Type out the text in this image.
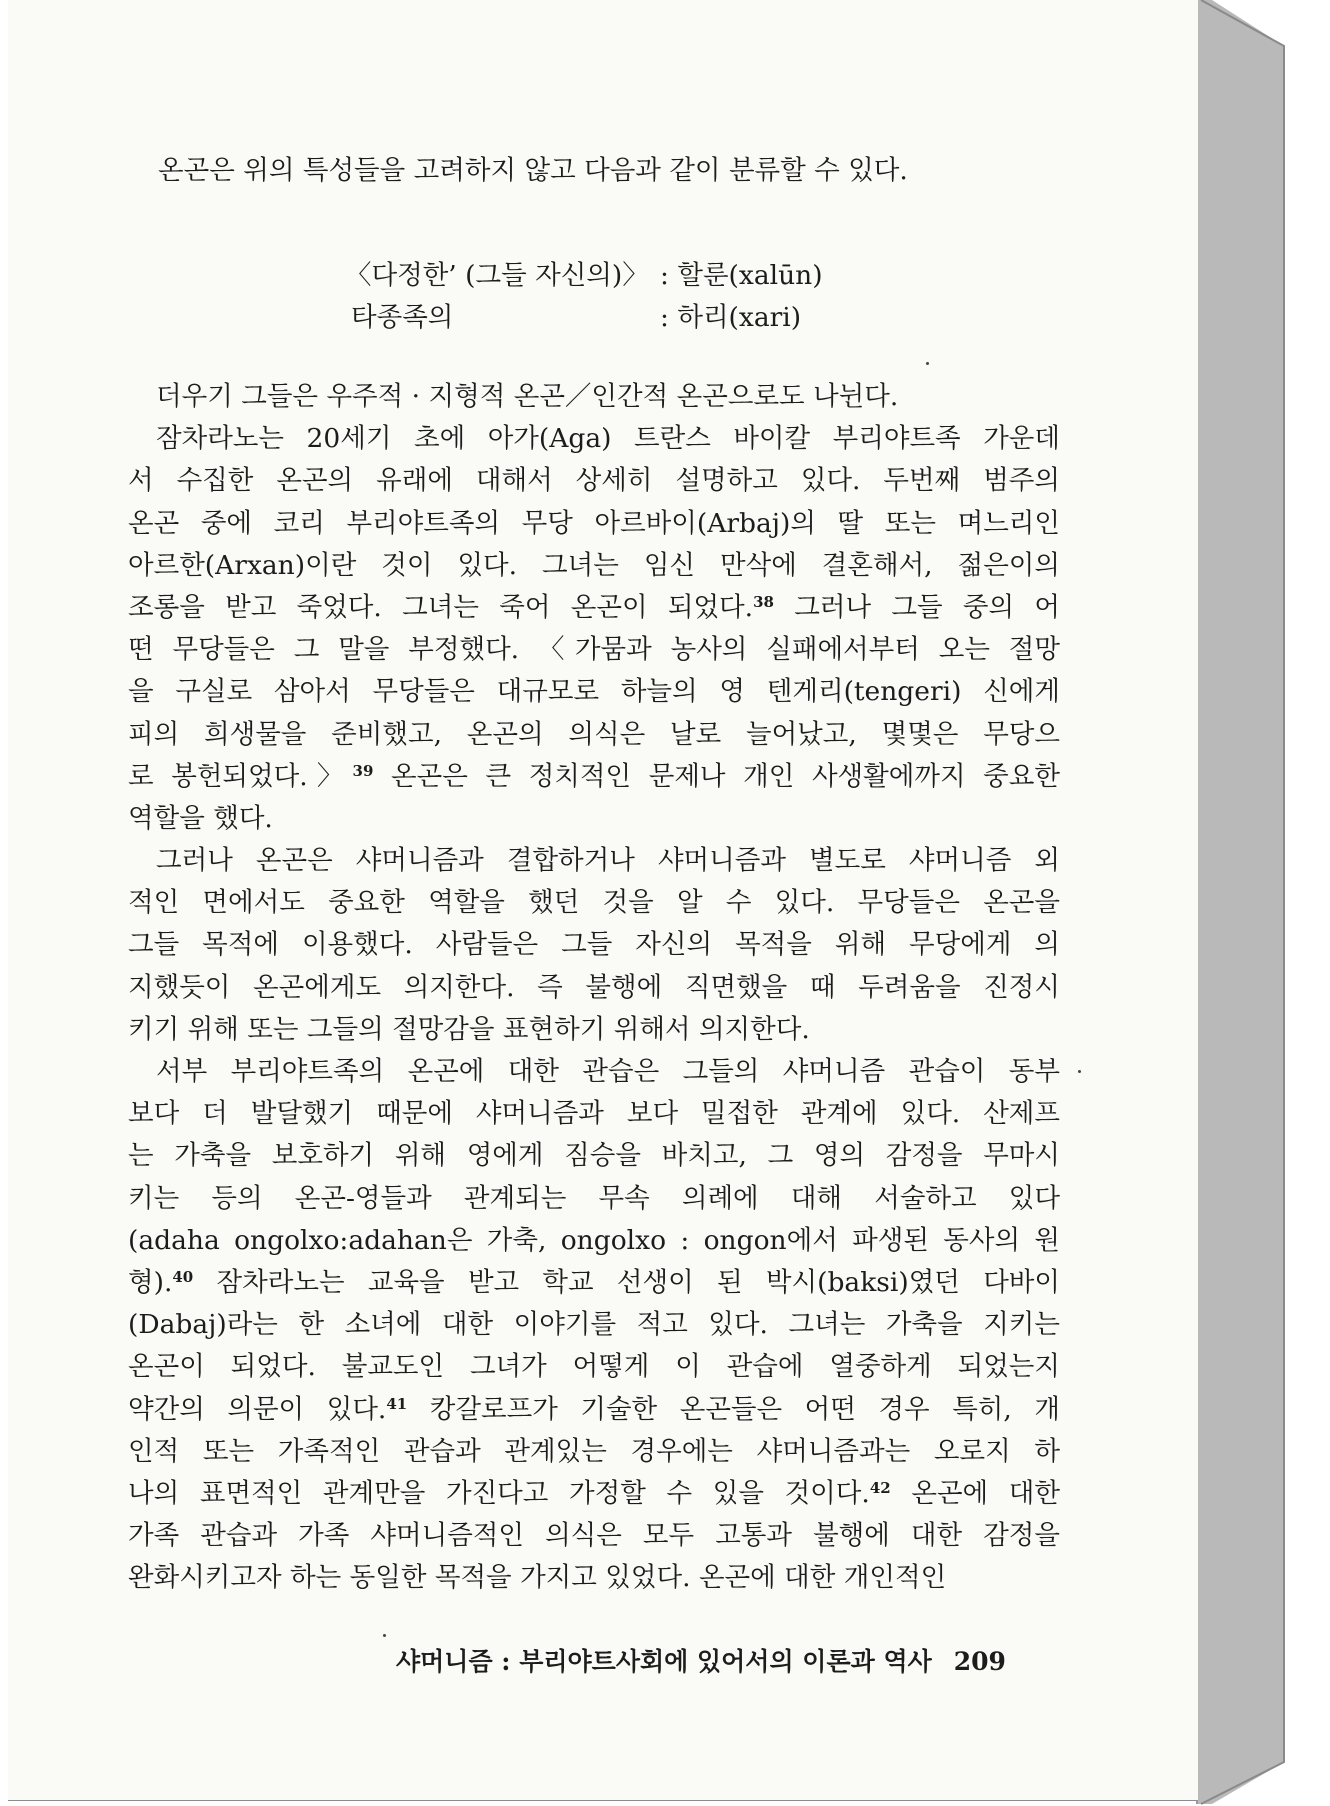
온곤은 위의 특성들을 고려하지 않고 다음과 같이 분류할 수 있다.
〈다정한’ (그들 자신의)〉 : 할룬(xalūn)
타종족의	: 하리(xari)
더우기 그들은 우주적 · 지형적 온곤／인간적 온곤으로도 나뉜다.
잠차라노는 20세기 초에 아가(Aga) 트란스 바이칼 부리야트족 가운데
서 수집한 온곤의 유래에 대해서 상세히 설명하고 있다. 두번째 범주의
온곤 중에 코리 부리야트족의 무당 아르바이(Arbaj)의 딸 또는 며느리인
아르한(Arxan)이란 것이 있다. 그녀는 임신 만삭에 결혼해서, 젊은이의
조롱을 받고 죽었다. 그녀는 죽어 온곤이 되었다.$^{38}$ 그러나 그들 중의 어
떤 무당들은 그 말을 부정했다. 〈가뭄과 농사의 실패에서부터 오는 절망
을 구실로 삼아서 무당들은 대규모로 하늘의 영 텐게리(tengeri) 신에게
피의 희생물을 준비했고, 온곤의 의식은 날로 늘어났고, 몇몇은 무당으
로 봉헌되었다.〉$^{39}$ 온곤은 큰 정치적인 문제나 개인 사생활에까지 중요한
역할을 했다.
그러나 온곤은 샤머니즘과 결합하거나 샤머니즘과 별도로 샤머니즘 외
적인 면에서도 중요한 역할을 했던 것을 알 수 있다. 무당들은 온곤을
그들 목적에 이용했다. 사람들은 그들 자신의 목적을 위해 무당에게 의
지했듯이 온곤에게도 의지한다. 즉 불행에 직면했을 때 두려움을 진정시
키기 위해 또는 그들의 절망감을 표현하기 위해서 의지한다.
서부 부리야트족의 온곤에 대한 관습은 그들의 샤머니즘 관습이 동부
보다 더 발달했기 때문에 샤머니즘과 보다 밀접한 관계에 있다. 산제프
는 가축을 보호하기 위해 영에게 짐승을 바치고, 그 영의 감정을 무마시
키는 등의 온곤-영들과 관계되는 무속 의례에 대해 서술하고 있다
(adaha ongolxo:adahan은 가축, ongolxo : ongon에서 파생된 동사의 원
형).$^{40}$ 잠차라노는 교육을 받고 학교 선생이 된 박시(baksi)였던 다바이
(Dabaj)라는 한 소녀에 대한 이야기를 적고 있다. 그녀는 가축을 지키는
온곤이 되었다. 불교도인 그녀가 어떻게 이 관습에 열중하게 되었는지
약간의 의문이 있다.$^{41}$ 캉갈로프가 기술한 온곤들은 어떤 경우 특히, 개
인적 또는 가족적인 관습과 관계있는 경우에는 샤머니즘과는 오로지 하
나의 표면적인 관계만을 가진다고 가정할 수 있을 것이다.$^{42}$ 온곤에 대한
가족 관습과 가족 샤머니즘적인 의식은 모두 고통과 불행에 대한 감정을
완화시키고자 하는 동일한 목적을 가지고 있었다. 온곤에 대한 개인적인
샤머니즘 : 부리야트사회에 있어서의 이론과 역사 209
